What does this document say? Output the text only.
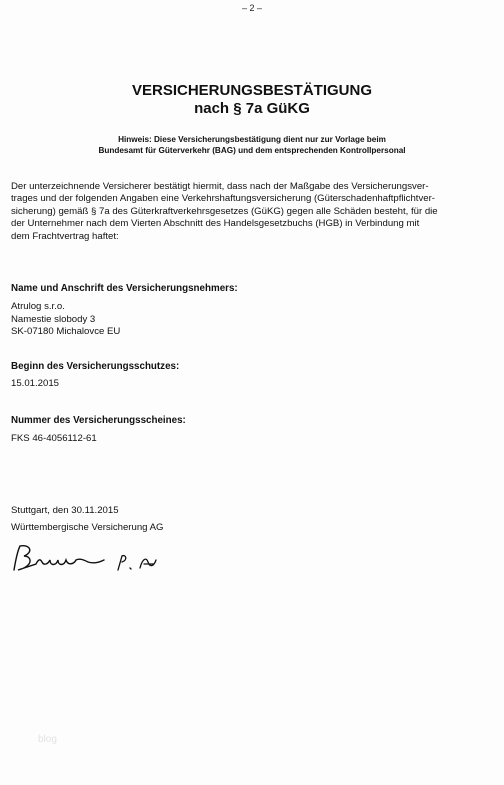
– 2 –
VERSICHERUNGSBESTÄTIGUNG
nach § 7a GüKG
Hinweis: Diese Versicherungsbestätigung dient nur zur Vorlage beim
Bundesamt für Güterverkehr (BAG) und dem entsprechenden Kontrollpersonal
Der unterzeichnende Versicherer bestätigt hiermit, dass nach der Maßgabe des Versicherungsver-
trages und der folgenden Angaben eine Verkehrshaftungsversicherung (Güterschadenhaftpflichtver-
sicherung) gemäß § 7a des Güterkraftverkehrsgesetzes (GüKG) gegen alle Schäden besteht, für die
der Unternehmer nach dem Vierten Abschnitt des Handelsgesetzbuchs (HGB) in Verbindung mit
dem Frachtvertrag haftet:
Name und Anschrift des Versicherungsnehmers:
Atrulog s.r.o.
Namestie slobody 3
SK-07180 Michalovce EU
Beginn des Versicherungsschutzes:
15.01.2015
Nummer des Versicherungsscheines:
FKS 46-4056112-61
Stuttgart, den 30.11.2015
Württembergische Versicherung AG
blog
